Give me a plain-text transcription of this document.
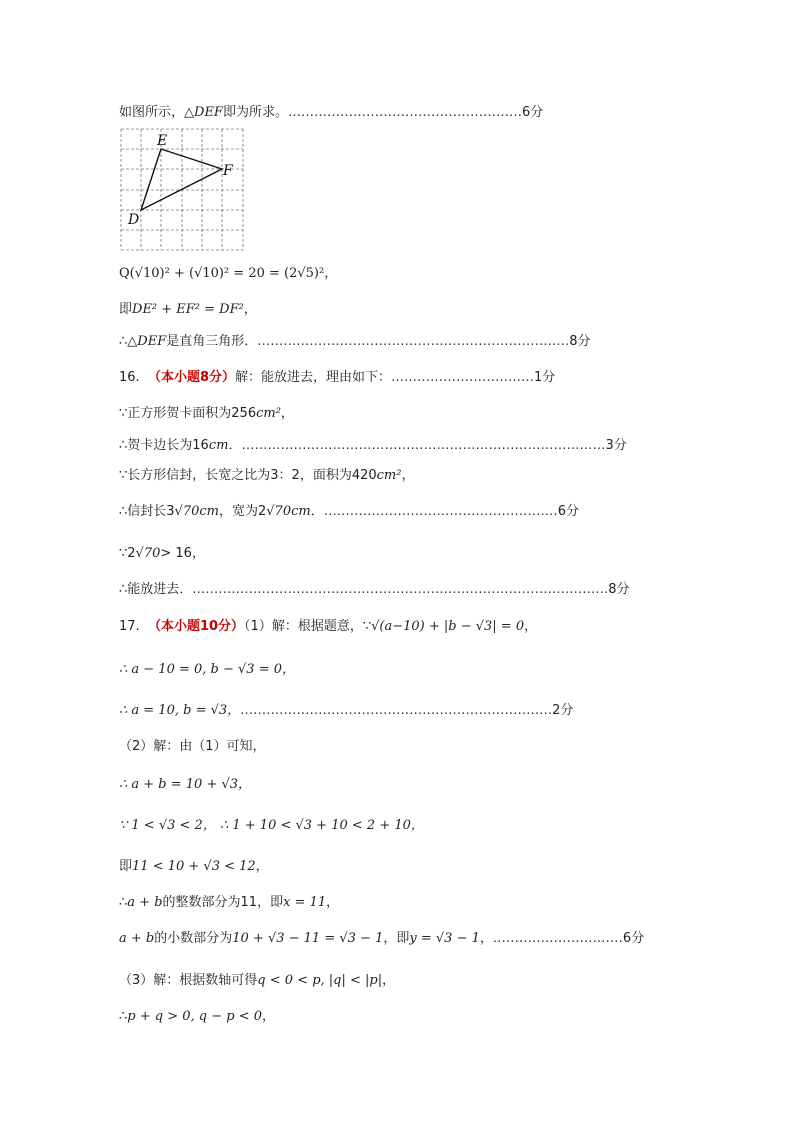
如图所示，△DEF即为所求。………………………………………………6分
E
F
D
Q(√10)² + (√10)² = 20 = (2√5)²，
即DE² + EF² = DF²，
∴△DEF是直角三角形．………………………………………………………………8分
16. （本小题8分）解：能放进去，理由如下：……………………………1分
∵正方形贺卡面积为256cm²，
∴贺卡边长为16cm．…………………………………………………………………………3分
∵长方形信封，长宽之比为3：2，面积为420cm²，
∴信封长3√70cm，宽为2√70cm．………………………………………………6分
∵2√70> 16，
∴能放进去．……………………………………………………………………………………8分
17. （本小题10分）（1）解：根据题意，∵√(a−10) + |b − √3| = 0，
∴ a − 10 = 0, b − √3 = 0，
∴ a = 10, b = √3，………………………………………………………………2分
（2）解：由（1）可知，
∴ a + b = 10 + √3，
∵ 1 < √3 < 2， ∴ 1 + 10 < √3 + 10 < 2 + 10，
即11 < 10 + √3 < 12，
∴a + b的整数部分为11，即x = 11，
a + b的小数部分为10 + √3 − 11 = √3 − 1，即y = √3 − 1，…………………………6分
（3）解：根据数轴可得q < 0 < p, |q| < |p|，
∴p + q > 0, q − p < 0，
